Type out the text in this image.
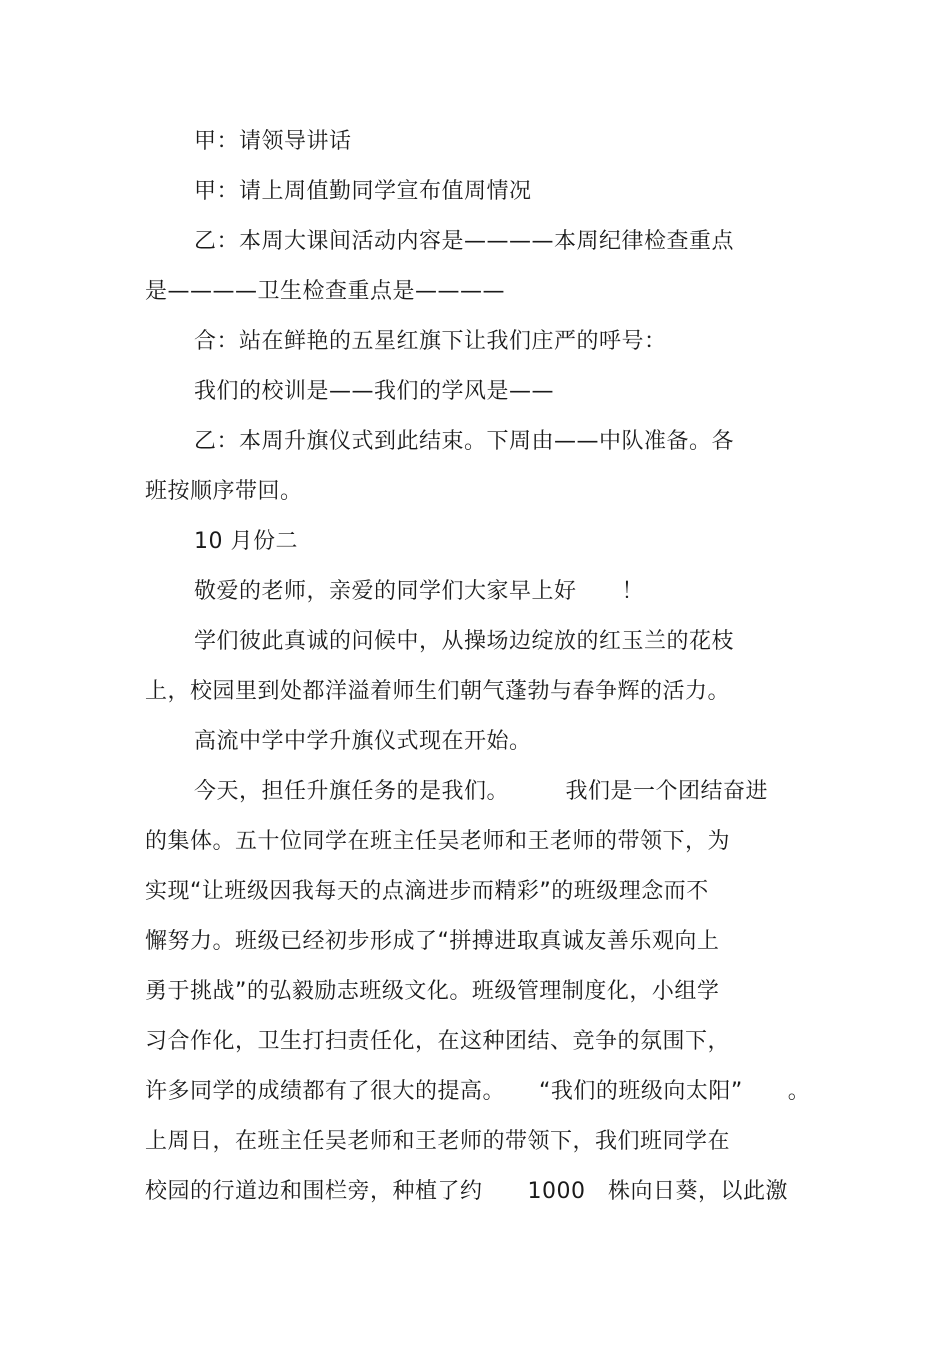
甲：请领导讲话
甲：请上周值勤同学宣布值周情况
乙：本周大课间活动内容是————本周纪律检查重点
是————卫生检查重点是————
合：站在鲜艳的五星红旗下让我们庄严的呼号：
我们的校训是——我们的学风是——
乙：本周升旗仪式到此结束。下周由——中队准备。各
班按顺序带回。
10 月份二
敬爱的老师，亲爱的同学们大家早上好　　！
学们彼此真诚的问候中，从操场边绽放的红玉兰的花枝
上，校园里到处都洋溢着师生们朝气蓬勃与春争辉的活力。
高流中学中学升旗仪式现在开始。
今天，担任升旗任务的是我们。　　　我们是一个团结奋进
的集体。五十位同学在班主任吴老师和王老师的带领下，为
实现“让班级因我每天的点滴进步而精彩”的班级理念而不
懈努力。班级已经初步形成了“拼搏进取真诚友善乐观向上
勇于挑战”的弘毅励志班级文化。班级管理制度化，小组学
习合作化，卫生打扫责任化，在这种团结、竞争的氛围下，
许多同学的成绩都有了很大的提高。　　“我们的班级向太阳”　　。
上周日，在班主任吴老师和王老师的带领下，我们班同学在
校园的行道边和围栏旁，种植了约　　1000　株向日葵，以此激
